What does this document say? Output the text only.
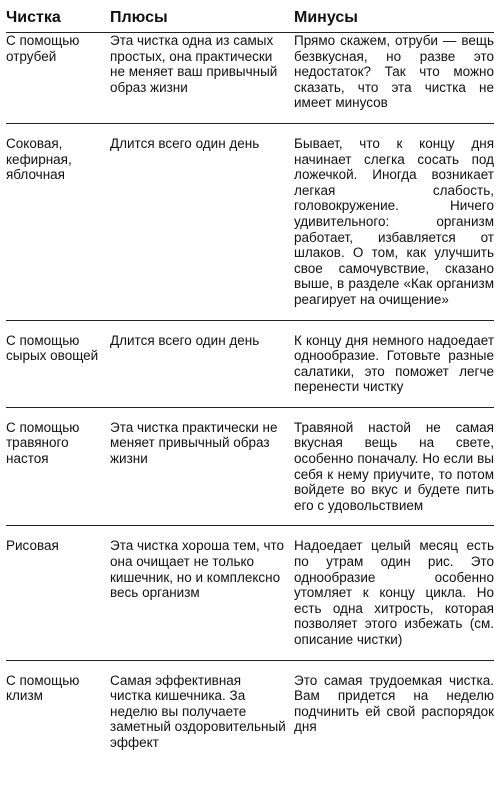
Чистка	Плюсы	Минусы

С помощью отрубей	Эта чистка одна из самых простых, она практически не меняет ваш привычный образ жизни	Прямо скажем, отруби — вещь безвкусная, но разве это недостаток? Так что можно сказать, что эта чистка не имеет минусов

Соковая, кефирная, яблочная	Длится всего один день	Бывает, что к концу дня начинает слегка сосать под ложечкой. Иногда возникает легкая слабость, головокружение. Ничего удивительного: организм работает, избавляется от шлаков. О том, как улучшить свое самочувствие, сказано выше, в разделе «Как организм реагирует на очищение»

С помощью сырых овощей	Длится всего один день	К концу дня немного надоедает однообразие. Готовьте разные салатики, это поможет легче перенести чистку

С помощью травяного настоя	Эта чистка практически не меняет привычный образ жизни	Травяной настой не самая вкусная вещь на свете, особенно поначалу. Но если вы себя к нему приучите, то потом войдете во вкус и будете пить его с удовольствием

Рисовая	Эта чистка хороша тем, что она очищает не только кишечник, но и комплексно весь организм	Надоедает целый месяц есть по утрам один рис. Это однообразие особенно утомляет к концу цикла. Но есть одна хитрость, которая позволяет этого избежать (см. описание чистки)

С помощью клизм	Самая эффективная чистка кишечника. За неделю вы получаете заметный оздоровительный эффект	Это самая трудоемкая чистка. Вам придется на неделю подчинить ей свой распорядок дня
